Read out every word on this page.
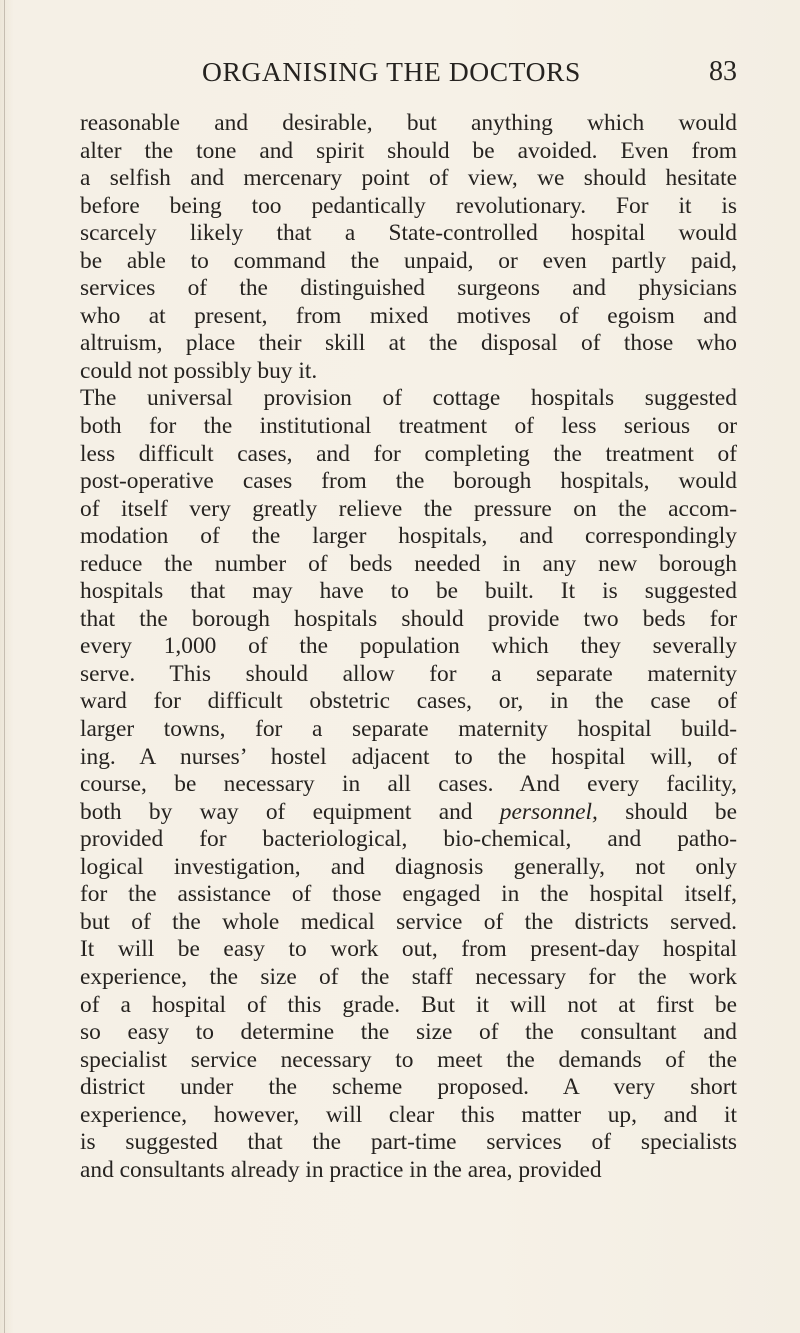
ORGANISING THE DOCTORS	83
reasonable and desirable, but anything which would
alter the tone and spirit should be avoided. Even from
a selfish and mercenary point of view, we should hesitate
before being too pedantically revolutionary. For it is
scarcely likely that a State-controlled hospital would
be able to command the unpaid, or even partly paid,
services of the distinguished surgeons and physicians
who at present, from mixed motives of egoism and
altruism, place their skill at the disposal of those who
could not possibly buy it.
The universal provision of cottage hospitals suggested
both for the institutional treatment of less serious or
less difficult cases, and for completing the treatment of
post-operative cases from the borough hospitals, would
of itself very greatly relieve the pressure on the accom-
modation of the larger hospitals, and correspondingly
reduce the number of beds needed in any new borough
hospitals that may have to be built. It is suggested
that the borough hospitals should provide two beds for
every 1,000 of the population which they severally
serve. This should allow for a separate maternity
ward for difficult obstetric cases, or, in the case of
larger towns, for a separate maternity hospital build-
ing. A nurses’ hostel adjacent to the hospital will, of
course, be necessary in all cases. And every facility,
both by way of equipment and personnel, should be
provided for bacteriological, bio-chemical, and patho-
logical investigation, and diagnosis generally, not only
for the assistance of those engaged in the hospital itself,
but of the whole medical service of the districts served.
It will be easy to work out, from present-day hospital
experience, the size of the staff necessary for the work
of a hospital of this grade. But it will not at first be
so easy to determine the size of the consultant and
specialist service necessary to meet the demands of the
district under the scheme proposed. A very short
experience, however, will clear this matter up, and it
is suggested that the part-time services of specialists
and consultants already in practice in the area, provided
